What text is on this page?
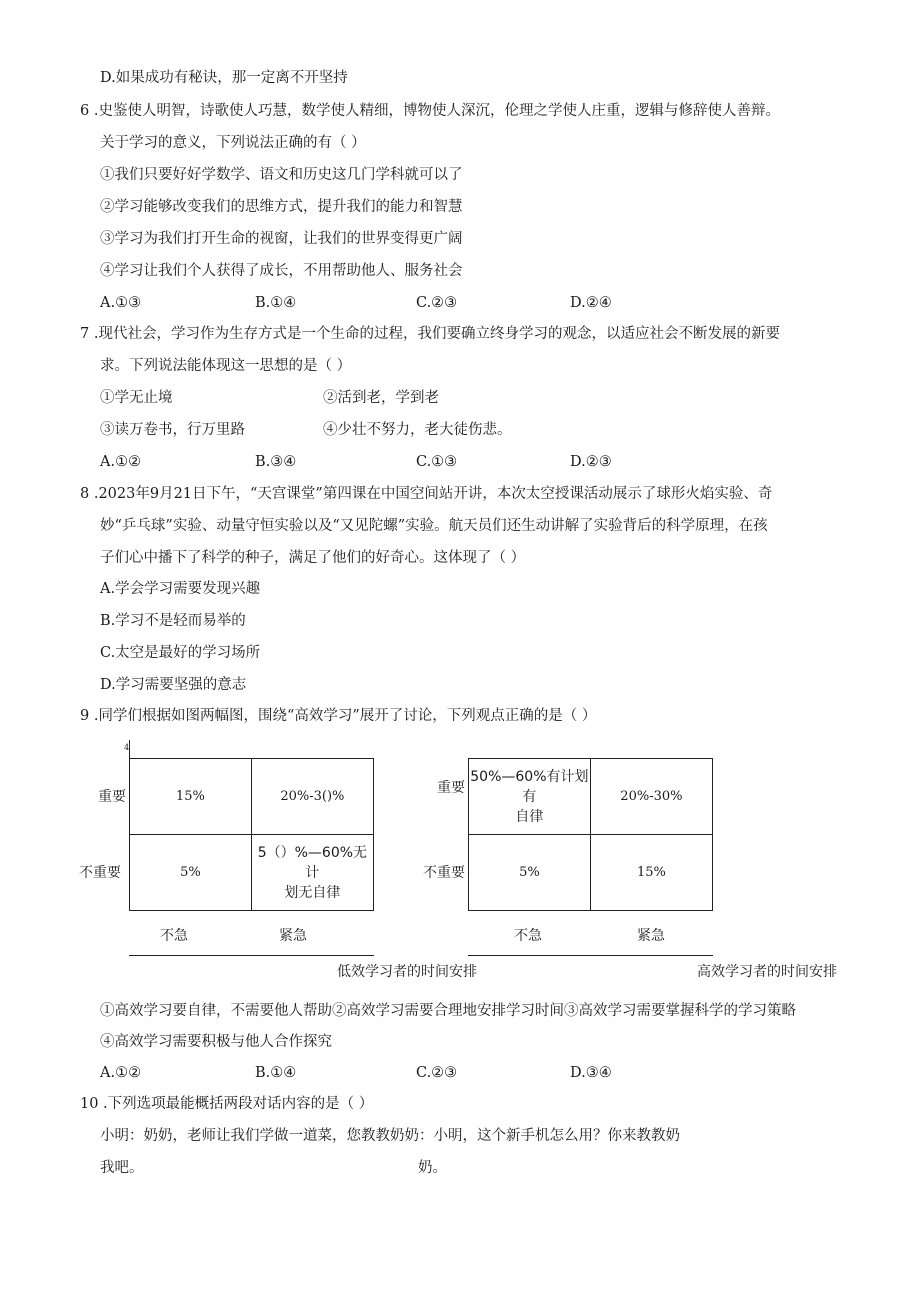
D.如果成功有秘诀，那一定离不开坚持
6 .史鉴使人明智，诗歌使人巧慧，数学使人精细，博物使人深沉，伦理之学使人庄重，逻辑与修辞使人善辩。
关于学习的意义，下列说法正确的有（ ）
①我们只要好好学数学、语文和历史这几门学科就可以了
②学习能够改变我们的思维方式，提升我们的能力和智慧
③学习为我们打开生命的视窗，让我们的世界变得更广阔
④学习让我们个人获得了成长，不用帮助他人、服务社会
A.①③	B.①④	C.②③	D.②④
7 .现代社会，学习作为生存方式是一个生命的过程，我们要确立终身学习的观念，以适应社会不断发展的新要
求。下列说法能体现这一思想的是（ ）
①学无止境	②活到老，学到老
③读万卷书，行万里路	④少壮不努力，老大徒伤悲。
A.①②	B.③④	C.①③	D.②③
8 .2023年9月21日下午，“天宫课堂”第四课在中国空间站开讲，本次太空授课活动展示了球形火焰实验、奇
妙“乒乓球”实验、动量守恒实验以及“又见陀螺”实验。航天员们还生动讲解了实验背后的科学原理，在孩
子们心中播下了科学的种子，满足了他们的好奇心。这体现了（ ）
A.学会学习需要发现兴趣
B.学习不是轻而易举的
C.太空是最好的学习场所
D.学习需要坚强的意志
9 .同学们根据如图两幅图，围绕“高效学习”展开了讨论，下列观点正确的是（ ）
4
15%	20%-3()%
5%	5（）%—60%无计
划无自律
重要
不重要
不急	紧急
低效学习者的时间安排
50%—60%有计划有
自律	20%-30%
5%	15%
重要
不重要
不急	紧急
高效学习者的时间安排
①高效学习要自律，不需要他人帮助②高效学习需要合理地安排学习时间③高效学习需要掌握科学的学习策略
④高效学习需要积极与他人合作探究
A.①②	B.①④	C.②③	D.③④
10 .下列选项最能概括两段对话内容的是（ ）
小明：奶奶，老师让我们学做一道菜，您教教奶奶：小明，这个新手机怎么用？你来教教奶
我吧。	奶。
